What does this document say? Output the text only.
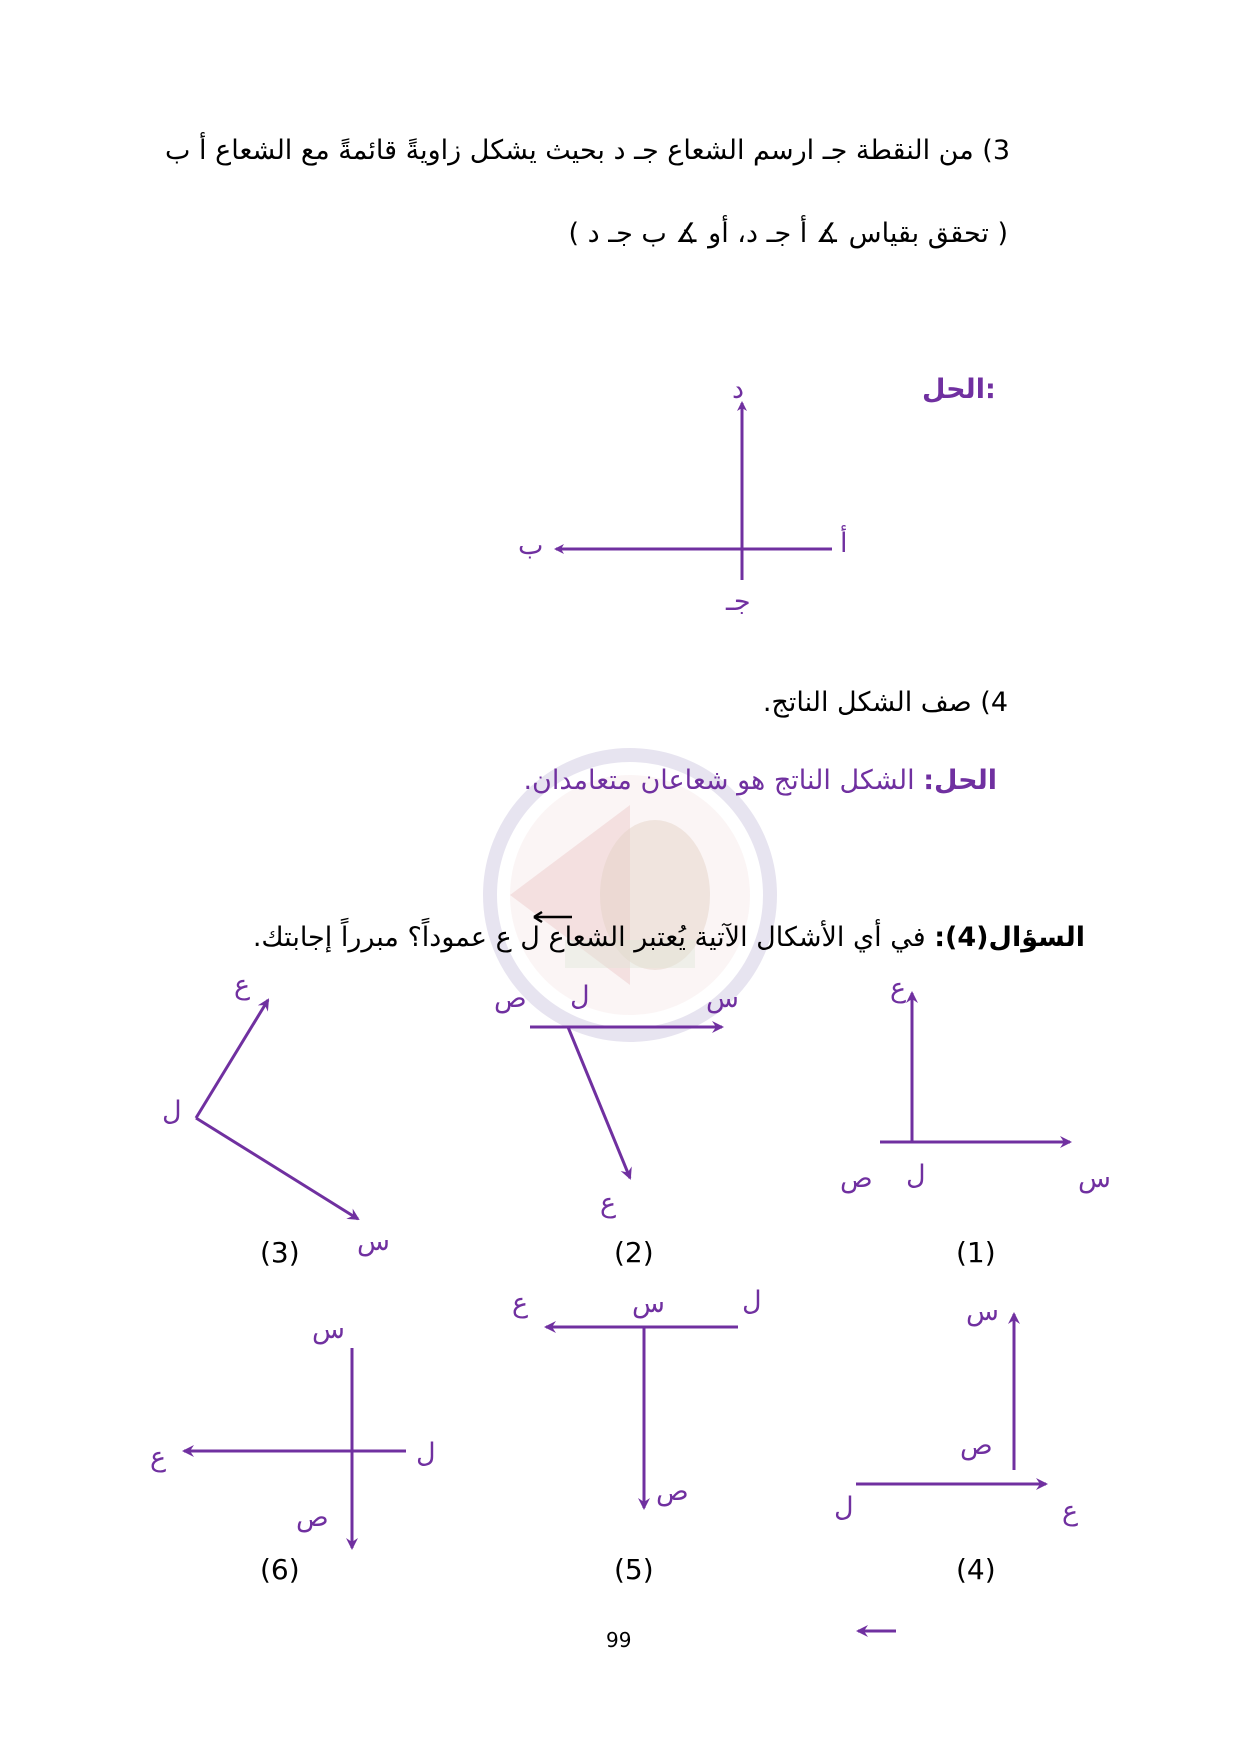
3) من النقطة جـ ارسم الشعاع جـ د بحيث يشكل زاويةً قائمةً مع الشعاع أ ب
( تحقق بقياس ∡ أ جـ د، أو ∡ ب جـ د )
الحل:
د
ب	أ
جـ
4) صف الشكل الناتج.
الحل: الشكل الناتج هو شعاعان متعامدان.
السؤال(4): في أي الأشكال الآتية يُعتبر الشعاع ل ع عموداً؟ مبرراً إجابتك.
ع
س
ل
ص
ص ل	س
ع
ع
ل
س
س
ص
ل	ع
ع	س	ل
ص
س
ل
ع
ص
(1)
(2)
(3)
(4)
(5)
(6)
99
